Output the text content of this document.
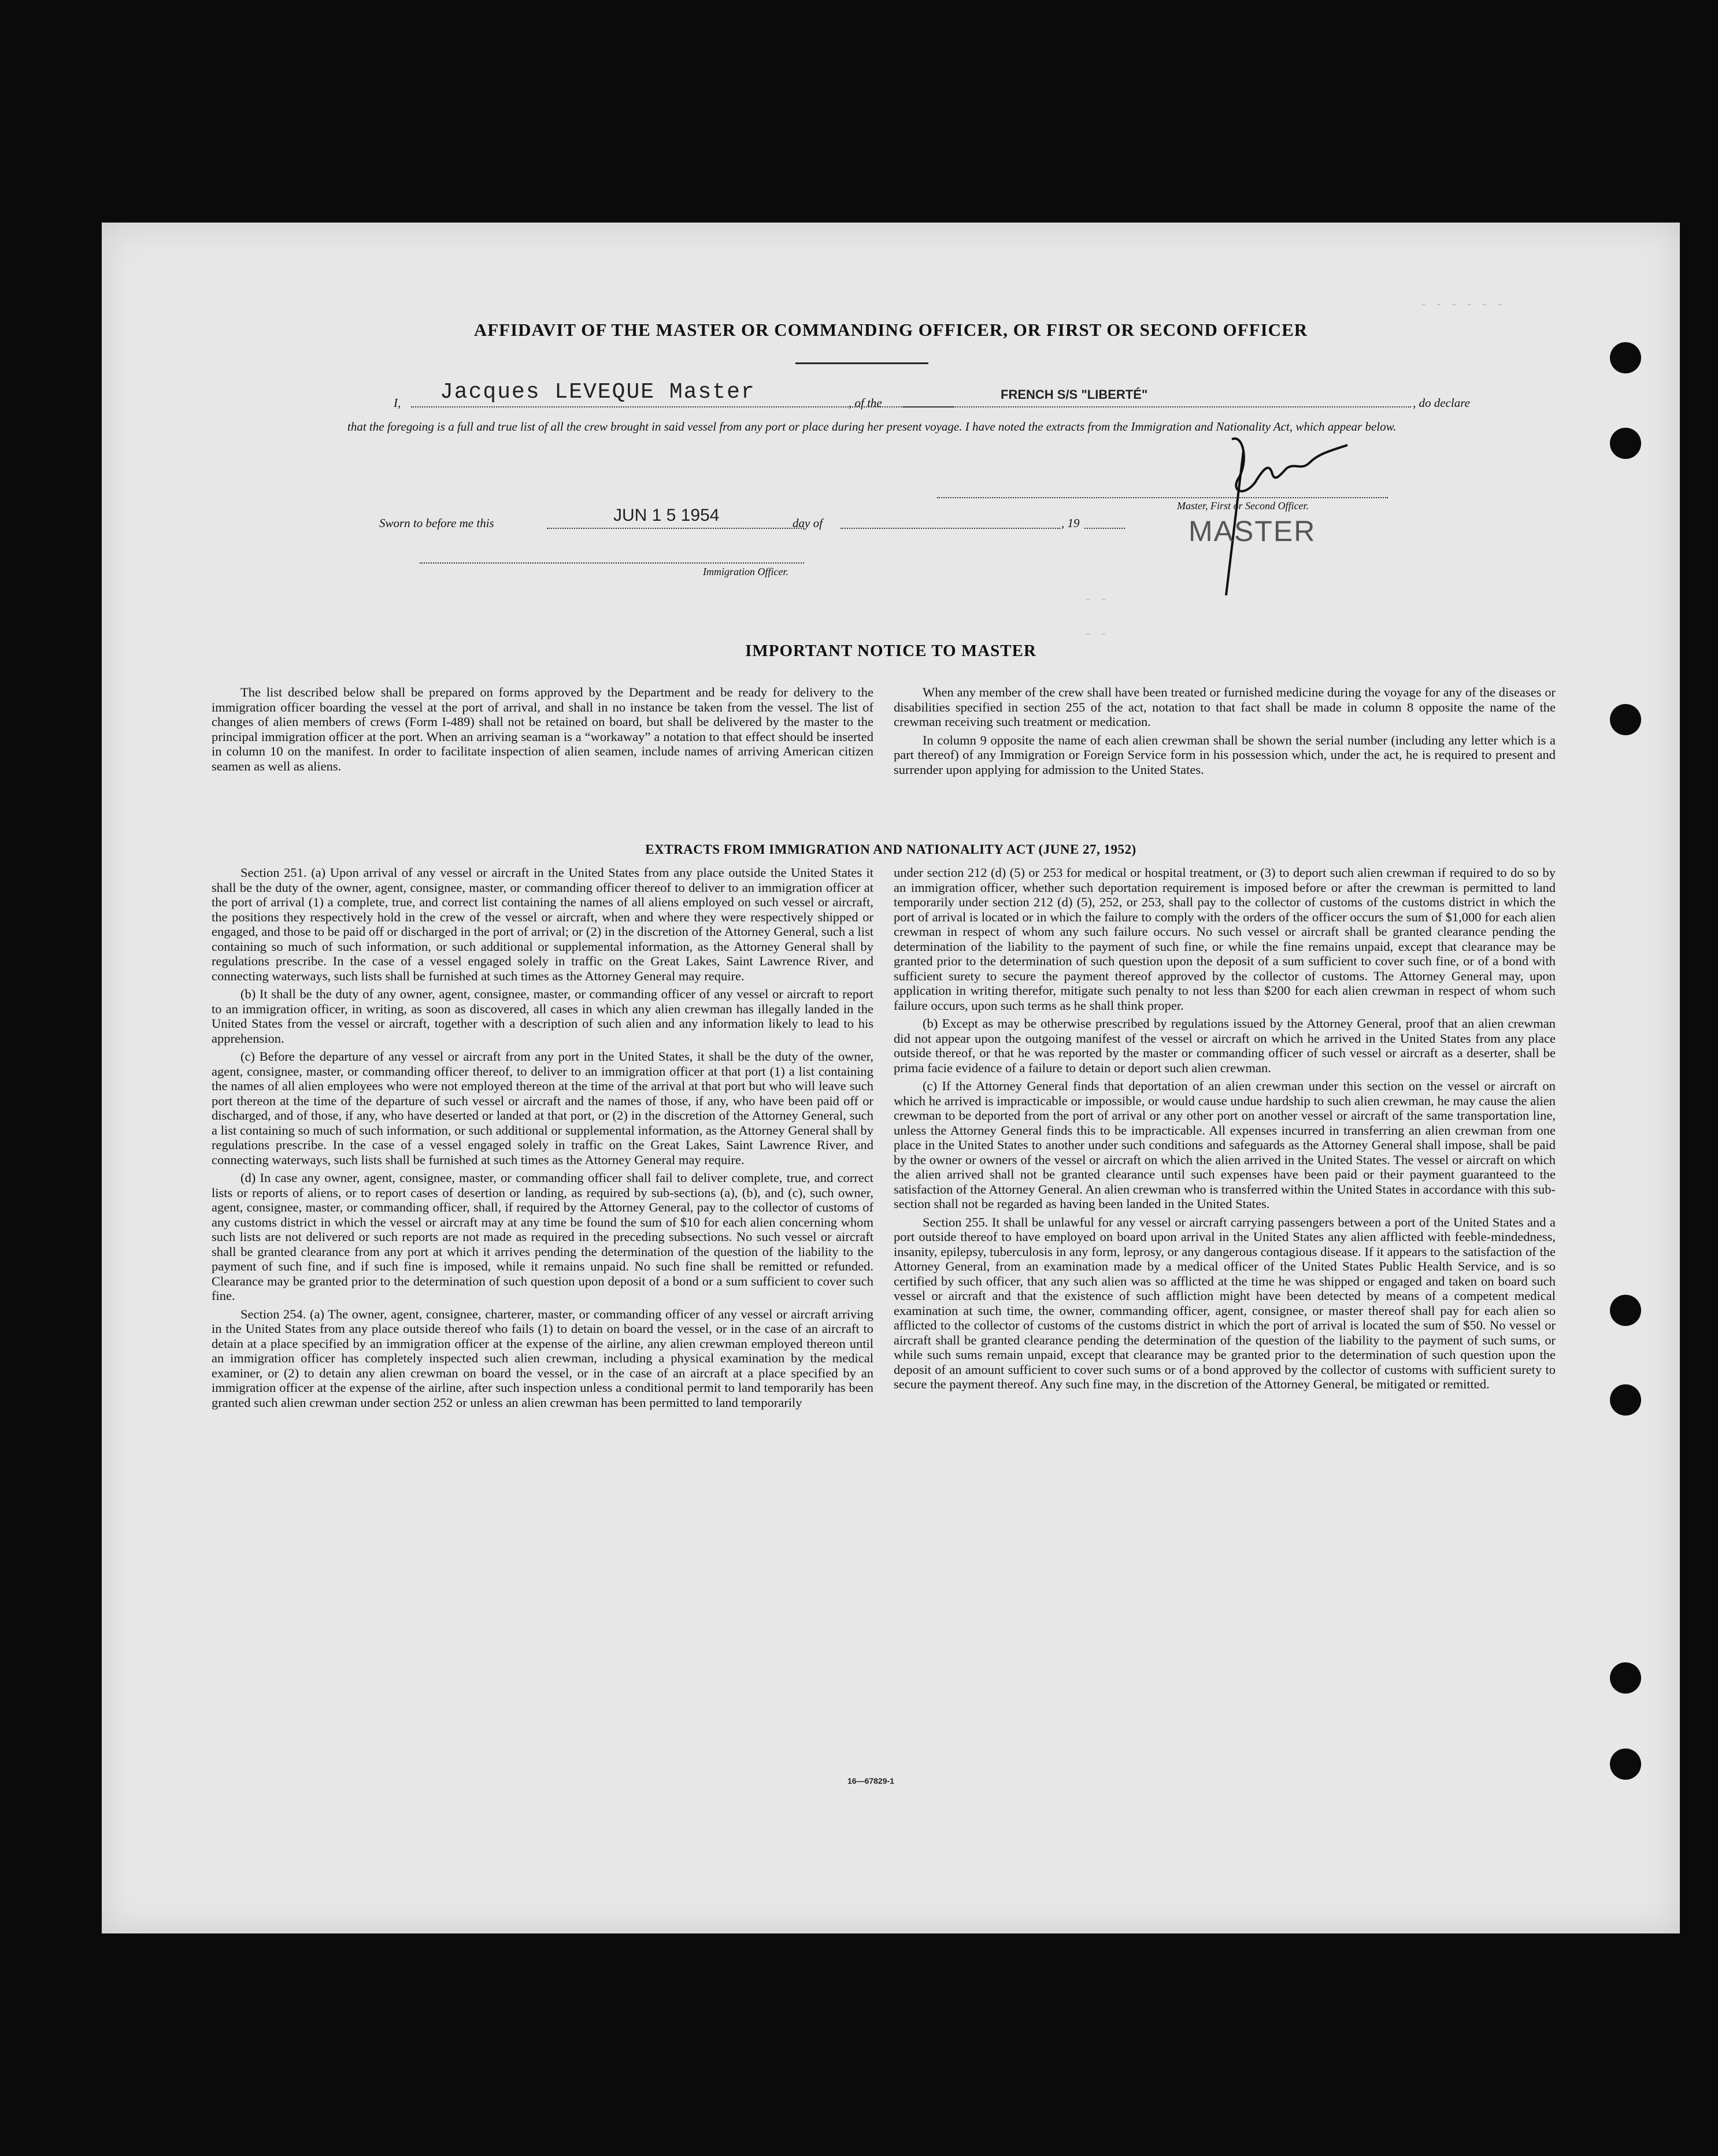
AFFIDAVIT OF THE MASTER OR COMMANDING OFFICER, OR FIRST OR SECOND OFFICER
I, Jacques LEVEQUE Master	, of the
FRENCH S/S "LIBERTÉ"
, do declare
that the foregoing is a full and true list of all the crew brought in said vessel from any port or place during her present voyage. I have noted the extracts from the Immigration and Nationality Act, which appear below.
Master, First or Second Officer.
MASTER
Sworn to before me this	JUN 1 5 1954	day of	, 19
Immigration Officer.
- -
- -
- - - - - -
IMPORTANT NOTICE TO MASTER

The list described below shall be prepared on forms approved by the Department and be ready for delivery to the immigration officer boarding the vessel at the port of arrival, and shall in no instance be taken from the vessel. The list of changes of alien members of crews (Form I-489) shall not be retained on board, but shall be delivered by the master to the principal immigration officer at the port. When an arriving seaman is a “workaway” a notation to that effect should be inserted in column 10 on the manifest. In order to facilitate inspection of alien seamen, include names of arriving American citizen seamen as well as aliens.

When any member of the crew shall have been treated or furnished medicine during the voyage for any of the diseases or disabilities specified in section 255 of the act, notation to that fact shall be made in column 8 opposite the name of the crewman receiving such treatment or medication.

In column 9 opposite the name of each alien crewman shall be shown the serial number (including any letter which is a part thereof) of any Immigration or Foreign Service form in his possession which, under the act, he is required to present and surrender upon applying for admission to the United States.

EXTRACTS FROM IMMIGRATION AND NATIONALITY ACT (JUNE 27, 1952)

Section 251. (a) Upon arrival of any vessel or aircraft in the United States from any place outside the United States it shall be the duty of the owner, agent, consignee, master, or commanding officer thereof to deliver to an immigration officer at the port of arrival (1) a complete, true, and correct list containing the names of all aliens employed on such vessel or aircraft, the positions they respectively hold in the crew of the vessel or aircraft, when and where they were respectively shipped or engaged, and those to be paid off or discharged in the port of arrival; or (2) in the discretion of the Attorney General, such a list containing so much of such information, or such additional or supplemental information, as the Attorney General shall by regulations prescribe. In the case of a vessel engaged solely in traffic on the Great Lakes, Saint Lawrence River, and connecting waterways, such lists shall be furnished at such times as the Attorney General may require.

(b) It shall be the duty of any owner, agent, consignee, master, or commanding officer of any vessel or aircraft to report to an immigration officer, in writing, as soon as discovered, all cases in which any alien crewman has illegally landed in the United States from the vessel or aircraft, together with a description of such alien and any information likely to lead to his apprehension.

(c) Before the departure of any vessel or aircraft from any port in the United States, it shall be the duty of the owner, agent, consignee, master, or commanding officer thereof, to deliver to an immigration officer at that port (1) a list containing the names of all alien employees who were not employed thereon at the time of the arrival at that port but who will leave such port thereon at the time of the departure of such vessel or aircraft and the names of those, if any, who have been paid off or discharged, and of those, if any, who have deserted or landed at that port, or (2) in the discretion of the Attorney General, such a list containing so much of such information, or such additional or supplemental information, as the Attorney General shall by regulations prescribe. In the case of a vessel engaged solely in traffic on the Great Lakes, Saint Lawrence River, and connecting waterways, such lists shall be furnished at such times as the Attorney General may require.

(d) In case any owner, agent, consignee, master, or commanding officer shall fail to deliver complete, true, and correct lists or reports of aliens, or to report cases of desertion or landing, as required by sub-sections (a), (b), and (c), such owner, agent, consignee, master, or commanding officer, shall, if required by the Attorney General, pay to the collector of customs of any customs district in which the vessel or aircraft may at any time be found the sum of $10 for each alien concerning whom such lists are not delivered or such reports are not made as required in the preceding subsections. No such vessel or aircraft shall be granted clearance from any port at which it arrives pending the determination of the question of the liability to the payment of such fine, and if such fine is imposed, while it remains unpaid. No such fine shall be remitted or refunded. Clearance may be granted prior to the determination of such question upon deposit of a bond or a sum sufficient to cover such fine.

Section 254. (a) The owner, agent, consignee, charterer, master, or commanding officer of any vessel or aircraft arriving in the United States from any place outside thereof who fails (1) to detain on board the vessel, or in the case of an aircraft to detain at a place specified by an immigration officer at the expense of the airline, any alien crewman employed thereon until an immigration officer has completely inspected such alien crewman, including a physical examination by the medical examiner, or (2) to detain any alien crewman on board the vessel, or in the case of an aircraft at a place specified by an immigration officer at the expense of the airline, after such inspection unless a conditional permit to land temporarily has been granted such alien crewman under section 252 or unless an alien crewman has been permitted to land temporarily

under section 212 (d) (5) or 253 for medical or hospital treatment, or (3) to deport such alien crewman if required to do so by an immigration officer, whether such deportation requirement is imposed before or after the crewman is permitted to land temporarily under section 212 (d) (5), 252, or 253, shall pay to the collector of customs of the customs district in which the port of arrival is located or in which the failure to comply with the orders of the officer occurs the sum of $1,000 for each alien crewman in respect of whom any such failure occurs. No such vessel or aircraft shall be granted clearance pending the determination of the liability to the payment of such fine, or while the fine remains unpaid, except that clearance may be granted prior to the determination of such question upon the deposit of a sum sufficient to cover such fine, or of a bond with sufficient surety to secure the payment thereof approved by the collector of customs. The Attorney General may, upon application in writing therefor, mitigate such penalty to not less than $200 for each alien crewman in respect of whom such failure occurs, upon such terms as he shall think proper.

(b) Except as may be otherwise prescribed by regulations issued by the Attorney General, proof that an alien crewman did not appear upon the outgoing manifest of the vessel or aircraft on which he arrived in the United States from any place outside thereof, or that he was reported by the master or commanding officer of such vessel or aircraft as a deserter, shall be prima facie evidence of a failure to detain or deport such alien crewman.

(c) If the Attorney General finds that deportation of an alien crewman under this section on the vessel or aircraft on which he arrived is impracticable or impossible, or would cause undue hardship to such alien crewman, he may cause the alien crewman to be deported from the port of arrival or any other port on another vessel or aircraft of the same transportation line, unless the Attorney General finds this to be impracticable. All expenses incurred in transferring an alien crewman from one place in the United States to another under such conditions and safeguards as the Attorney General shall impose, shall be paid by the owner or owners of the vessel or aircraft on which the alien arrived in the United States. The vessel or aircraft on which the alien arrived shall not be granted clearance until such expenses have been paid or their payment guaranteed to the satisfaction of the Attorney General. An alien crewman who is transferred within the United States in accordance with this sub-section shall not be regarded as having been landed in the United States.

Section 255. It shall be unlawful for any vessel or aircraft carrying passengers between a port of the United States and a port outside thereof to have employed on board upon arrival in the United States any alien afflicted with feeble-mindedness, insanity, epilepsy, tuberculosis in any form, leprosy, or any dangerous contagious disease. If it appears to the satisfaction of the Attorney General, from an examination made by a medical officer of the United States Public Health Service, and is so certified by such officer, that any such alien was so afflicted at the time he was shipped or engaged and taken on board such vessel or aircraft and that the existence of such affliction might have been detected by means of a competent medical examination at such time, the owner, commanding officer, agent, consignee, or master thereof shall pay for each alien so afflicted to the collector of customs of the customs district in which the port of arrival is located the sum of $50. No vessel or aircraft shall be granted clearance pending the determination of the question of the liability to the payment of such sums, or while such sums remain unpaid, except that clearance may be granted prior to the determination of such question upon the deposit of an amount sufficient to cover such sums or of a bond approved by the collector of customs with sufficient surety to secure the payment thereof. Any such fine may, in the discretion of the Attorney General, be mitigated or remitted.

16—67829-1
